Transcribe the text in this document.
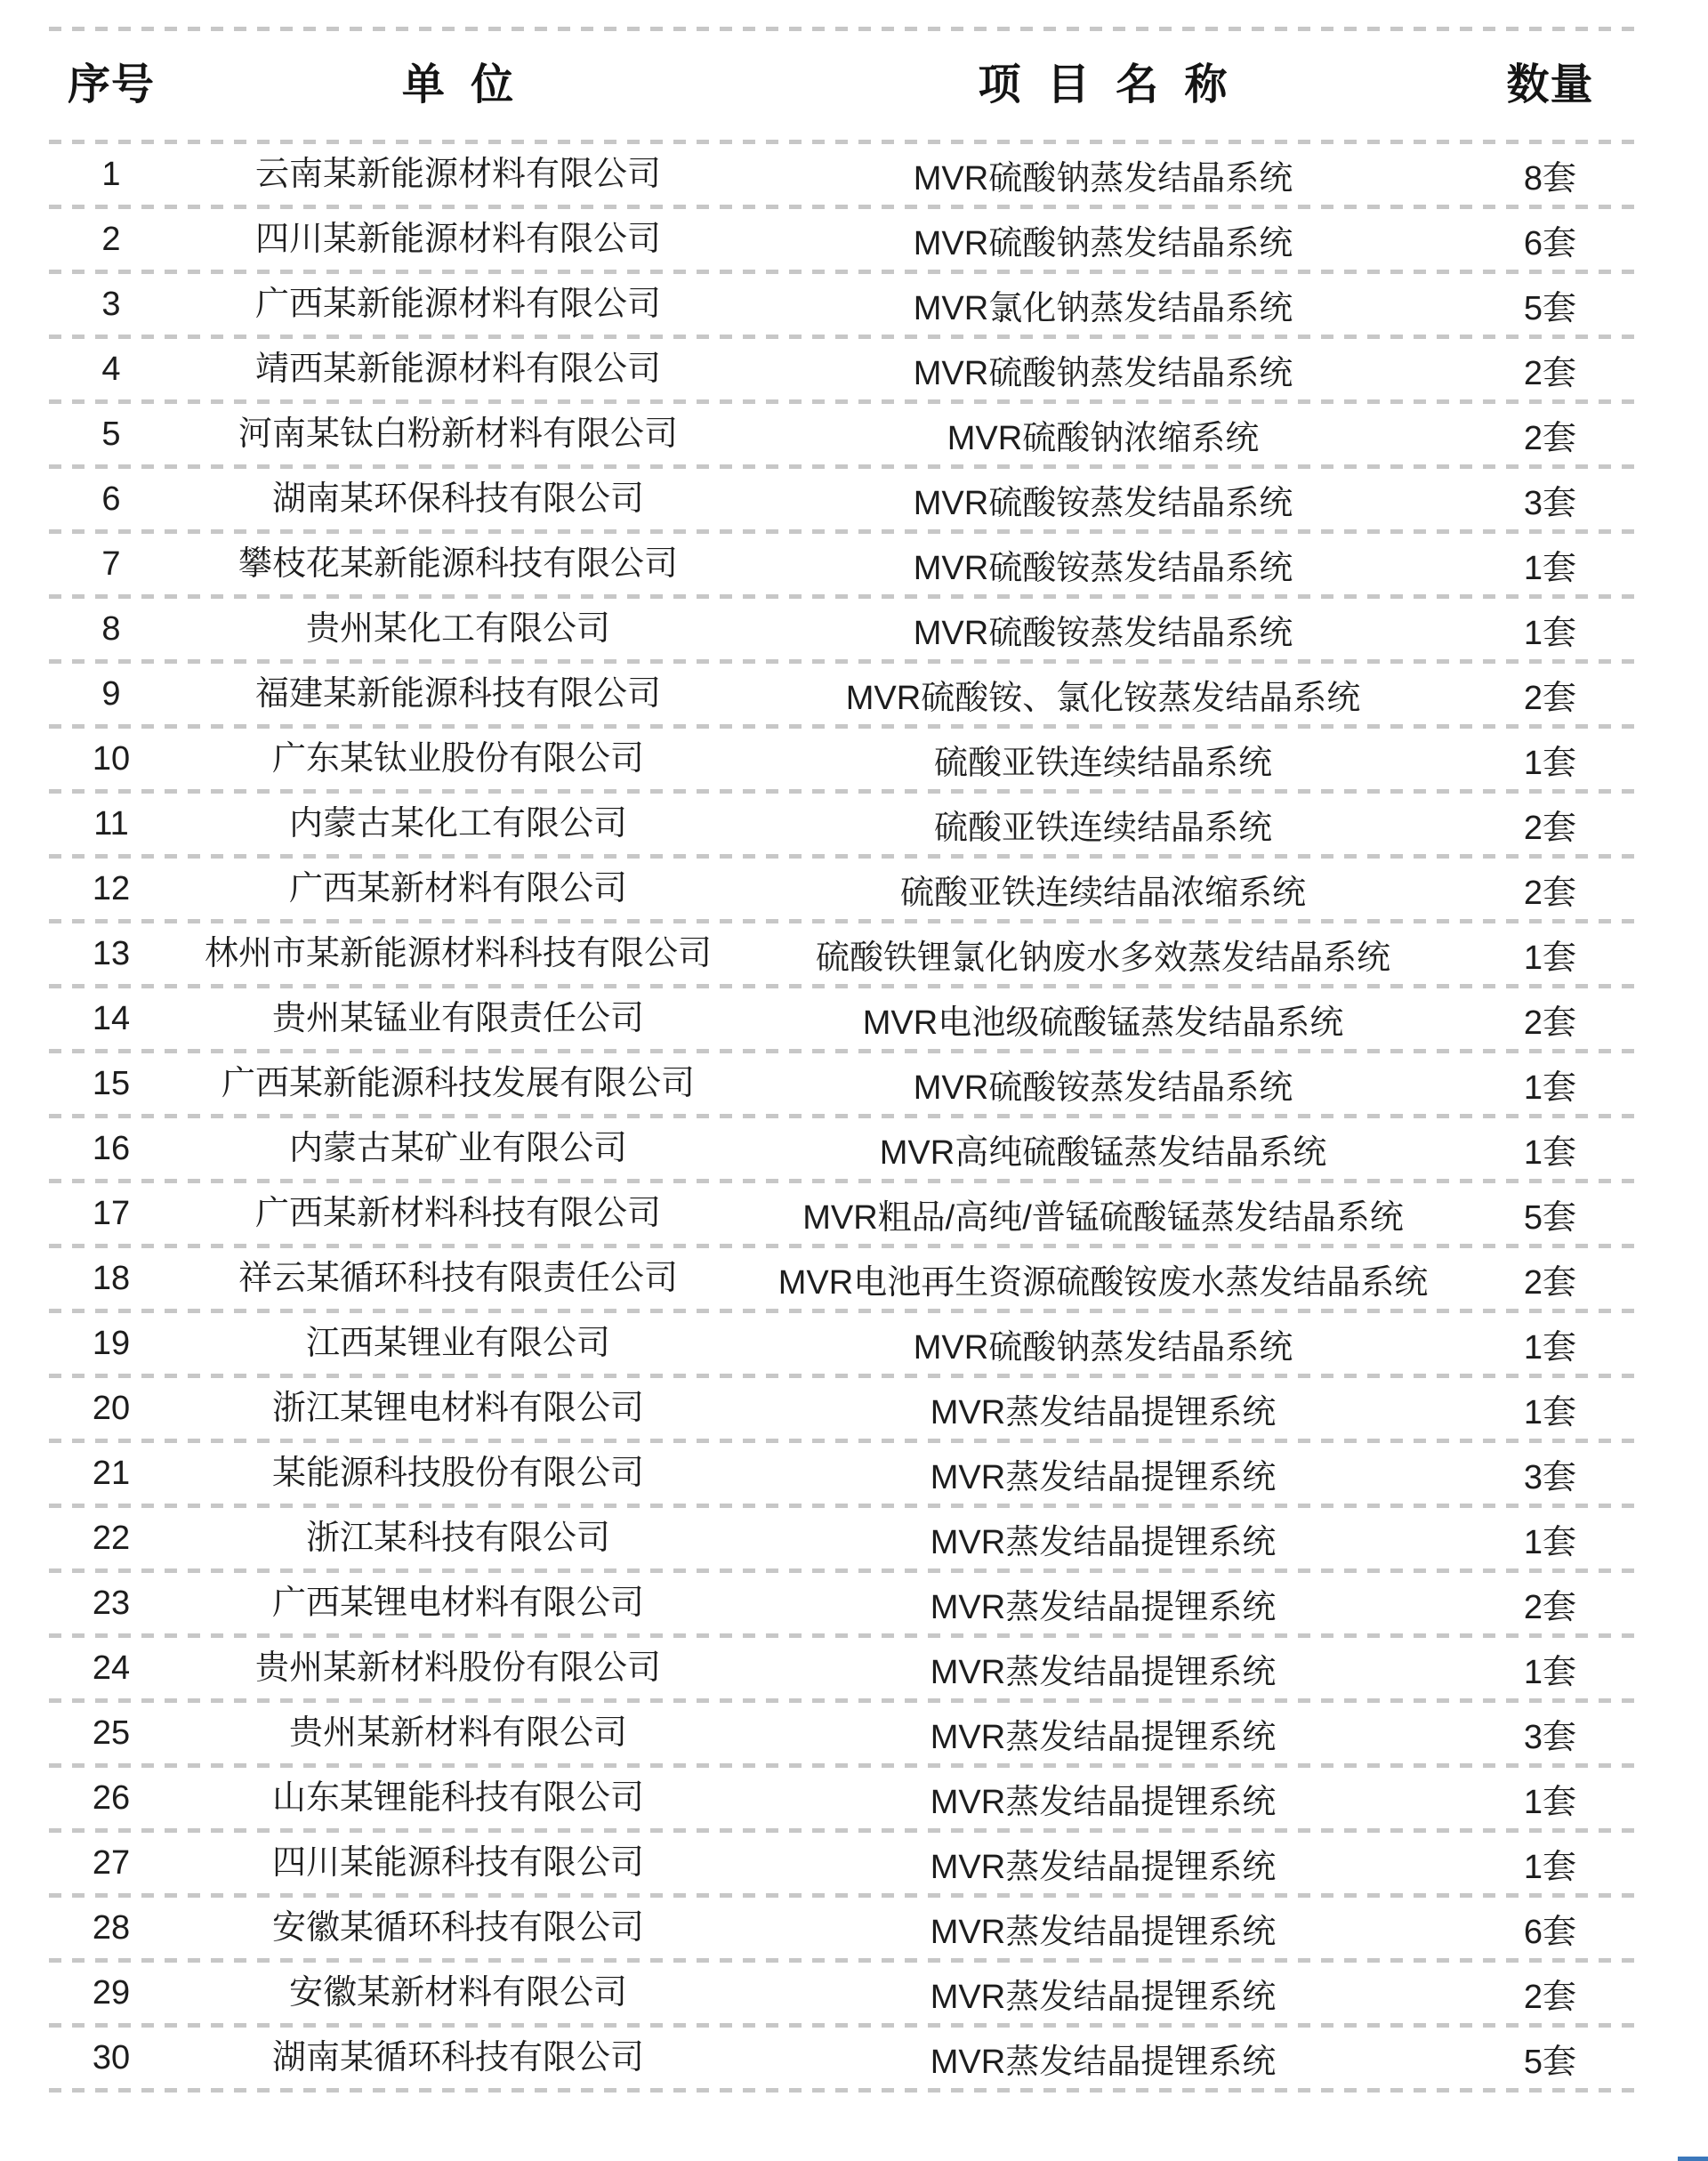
序号	单 位	项 目 名 称	数量
1	云南某新能源材料有限公司	MVR硫酸钠蒸发结晶系统	8套
2	四川某新能源材料有限公司	MVR硫酸钠蒸发结晶系统	6套
3	广西某新能源材料有限公司	MVR氯化钠蒸发结晶系统	5套
4	靖西某新能源材料有限公司	MVR硫酸钠蒸发结晶系统	2套
5	河南某钛白粉新材料有限公司	MVR硫酸钠浓缩系统	2套
6	湖南某环保科技有限公司	MVR硫酸铵蒸发结晶系统	3套
7	攀枝花某新能源科技有限公司	MVR硫酸铵蒸发结晶系统	1套
8	贵州某化工有限公司	MVR硫酸铵蒸发结晶系统	1套
9	福建某新能源科技有限公司	MVR硫酸铵、氯化铵蒸发结晶系统	2套
10	广东某钛业股份有限公司	硫酸亚铁连续结晶系统	1套
11	内蒙古某化工有限公司	硫酸亚铁连续结晶系统	2套
12	广西某新材料有限公司	硫酸亚铁连续结晶浓缩系统	2套
13	林州市某新能源材料科技有限公司	硫酸铁锂氯化钠废水多效蒸发结晶系统	1套
14	贵州某锰业有限责任公司	MVR电池级硫酸锰蒸发结晶系统	2套
15	广西某新能源科技发展有限公司	MVR硫酸铵蒸发结晶系统	1套
16	内蒙古某矿业有限公司	MVR高纯硫酸锰蒸发结晶系统	1套
17	广西某新材料科技有限公司	MVR粗品/高纯/普锰硫酸锰蒸发结晶系统	5套
18	祥云某循环科技有限责任公司	MVR电池再生资源硫酸铵废水蒸发结晶系统	2套
19	江西某锂业有限公司	MVR硫酸钠蒸发结晶系统	1套
20	浙江某锂电材料有限公司	MVR蒸发结晶提锂系统	1套
21	某能源科技股份有限公司	MVR蒸发结晶提锂系统	3套
22	浙江某科技有限公司	MVR蒸发结晶提锂系统	1套
23	广西某锂电材料有限公司	MVR蒸发结晶提锂系统	2套
24	贵州某新材料股份有限公司	MVR蒸发结晶提锂系统	1套
25	贵州某新材料有限公司	MVR蒸发结晶提锂系统	3套
26	山东某锂能科技有限公司	MVR蒸发结晶提锂系统	1套
27	四川某能源科技有限公司	MVR蒸发结晶提锂系统	1套
28	安徽某循环科技有限公司	MVR蒸发结晶提锂系统	6套
29	安徽某新材料有限公司	MVR蒸发结晶提锂系统	2套
30	湖南某循环科技有限公司	MVR蒸发结晶提锂系统	5套
